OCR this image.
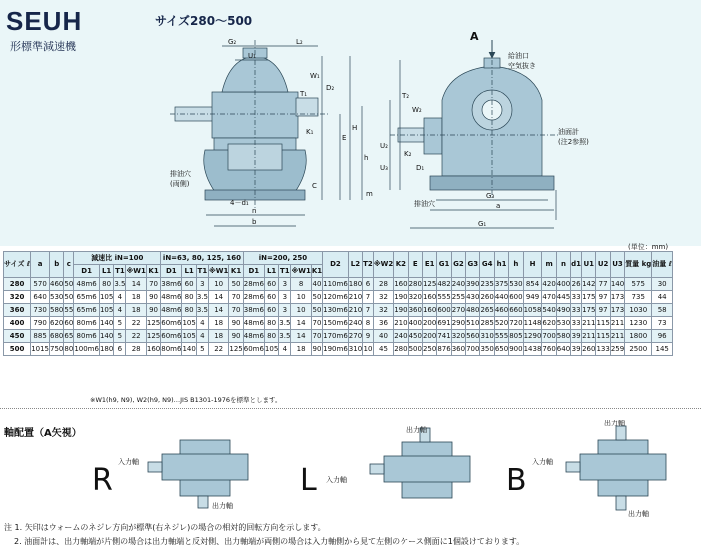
SEUH
形標準減速機
サイズ280～500
G₂
U₁
L₂
W₁
T₁
K₁
n
b
4－d₁
C
D₂
E
H
h
m
A
給油口
空気抜き
油面計
(注2参照)
排油穴
(両側)
排油穴
T₂
W₂
K₂
D₁
G₃
a
G₁
U₂
U₃
(単位：mm)
サイズ ℓ	a	b	c	減速比 iN=100					iN=63, 80, 125, 160					iN=200, 250					D2	L2	T2	※W2	K2	E	E1	G1	G2	G3	G4	h1	h	H	m	n	d1	U1	U2	U3	質量 kg	油量 ℓ
				D1	L1	T1	※W1	K1	D1	L1	T1	※W1	K1	D1	L1	T1	※W1	K1																						
280	570	460	50	48m6	80	3.5	14	70	38m6	60	3	10	50	28m6	60	3	8	40	110m6	180	6	28	160	280	125	482	240	390	235	375	530	854	420	400	26	142	77	140	575	30
320	640	530	50	65m6	105	4	18	90	48m6	80	3.5	14	70	28m6	60	3	10	50	120m6	210	7	32	190	320	160	555	255	430	260	440	600	949	470	445	33	175	97	173	735	44
360	730	580	55	65m6	105	4	18	90	48m6	80	3.5	14	70	38m6	60	3	10	50	130m6	210	7	32	190	360	160	600	270	480	265	460	660	1058	540	490	33	175	97	173	1030	58
400	790	620	60	80m6	140	5	22	125	60m6	105	4	18	90	48m6	80	3.5	14	70	150m6	240	8	36	210	400	200	691	290	510	285	520	720	1148	620	530	33	211	115	211	1230	73
450	885	680	65	80m6	140	5	22	125	60m6	105	4	18	90	48m6	80	3.5	14	70	170m6	270	9	40	240	450	200	741	320	560	310	555	805	1290	700	580	39	211	115	211	1800	96
500	1015	750	80	100m6	180	6	28	160	80m6	140	5	22	125	60m6	105	4	18	90	190m6	310	10	45	280	500	250	876	360	700	350	650	900	1438	760	640	39	260	133	259	2500	145
※W1(h9, N9), W2(h9, N9)…JIS B1301-1976を標準とします。
軸配置（A矢視）
R	L	B
入力軸
出力軸
出力軸
入力軸
出力軸
入力軸
出力軸
注 1. 矢印はウォームのネジレ方向が標準(右ネジレ)の場合の相対的回転方向を示します。
2. 油面計は、出力軸端が片側の場合は出力軸端と反対側、出力軸端が両側の場合は入力軸側から見て左側のケース側面に1個設けております。
